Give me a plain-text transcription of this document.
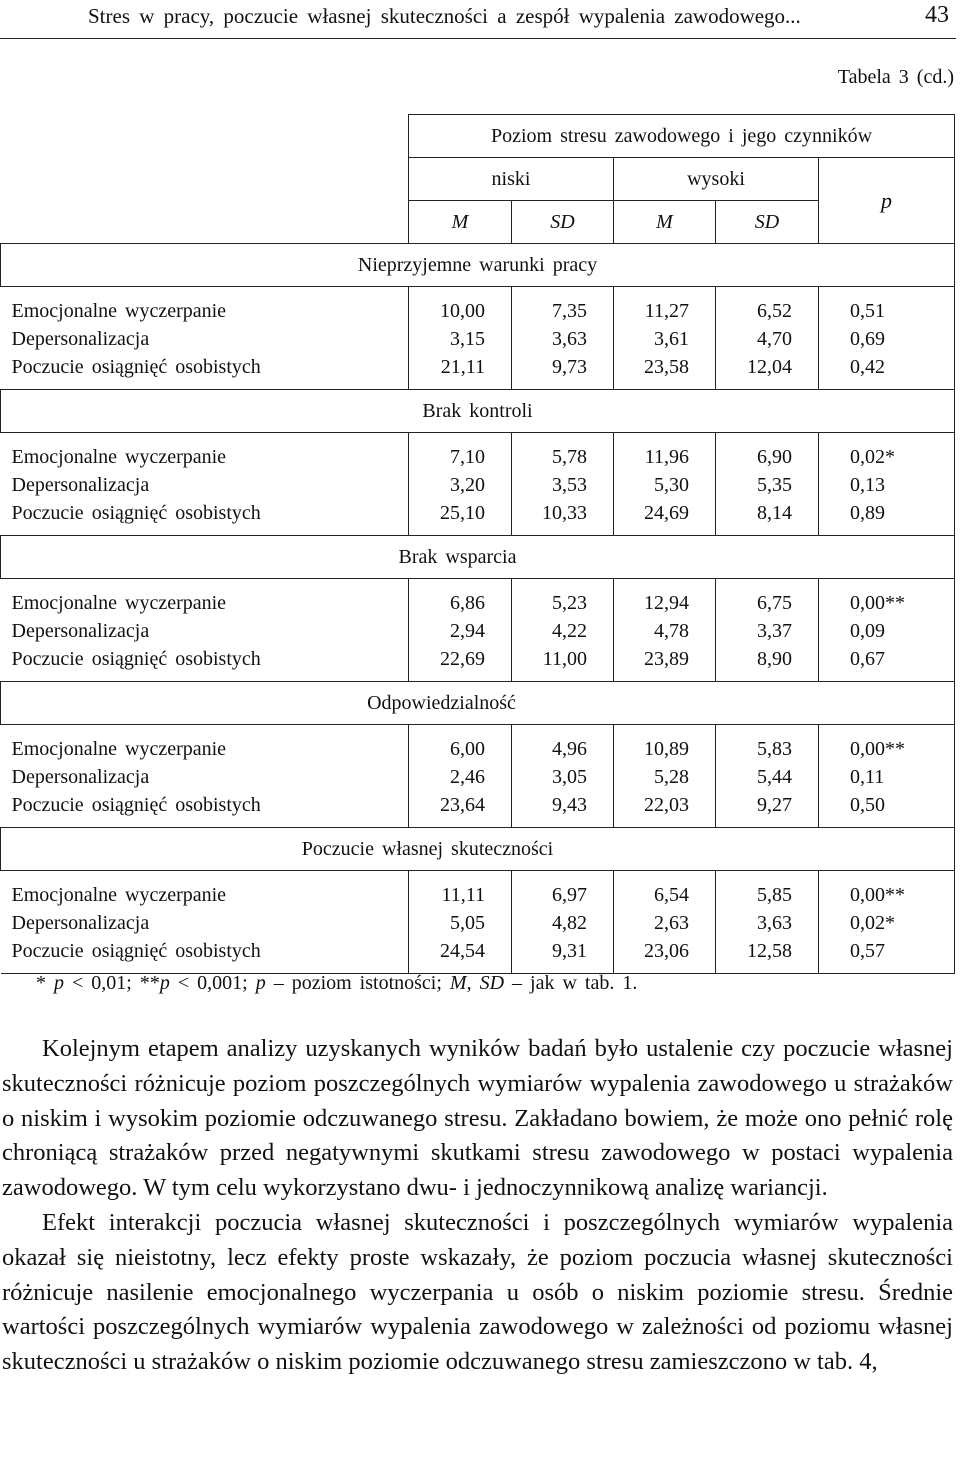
Stres w pracy, poczucie własnej skuteczności a zespół wypalenia zawodowego...	43
Tabela 3 (cd.)
	Poziom stresu zawodowego i jego czynników				
	niski		wysoki		p
	M	SD	M	SD	
Nieprzyjemne warunki pracy					
Emocjonalne wyczerpanie	10,00	7,35	11,27	6,52	0,51
Depersonalizacja	3,15	3,63	3,61	4,70	0,69
Poczucie osiągnięć osobistych	21,11	9,73	23,58	12,04	0,42
Brak kontroli					
Emocjonalne wyczerpanie	7,10	5,78	11,96	6,90	0,02*
Depersonalizacja	3,20	3,53	5,30	5,35	0,13
Poczucie osiągnięć osobistych	25,10	10,33	24,69	8,14	0,89
Brak wsparcia					
Emocjonalne wyczerpanie	6,86	5,23	12,94	6,75	0,00**
Depersonalizacja	2,94	4,22	4,78	3,37	0,09
Poczucie osiągnięć osobistych	22,69	11,00	23,89	8,90	0,67
Odpowiedzialność					
Emocjonalne wyczerpanie	6,00	4,96	10,89	5,83	0,00**
Depersonalizacja	2,46	3,05	5,28	5,44	0,11
Poczucie osiągnięć osobistych	23,64	9,43	22,03	9,27	0,50
Poczucie własnej skuteczności					
Emocjonalne wyczerpanie	11,11	6,97	6,54	5,85	0,00**
Depersonalizacja	5,05	4,82	2,63	3,63	0,02*
Poczucie osiągnięć osobistych	24,54	9,31	23,06	12,58	0,57
* p < 0,01; **p < 0,001; p – poziom istotności; M, SD – jak w tab. 1.

Kolejnym etapem analizy uzyskanych wyników badań było ustalenie czy poczucie własnej skuteczności różnicuje poziom poszczególnych wymiarów wypalenia zawodowego u strażaków o niskim i wysokim poziomie odczuwanego stresu. Zakładano bowiem, że może ono pełnić rolę chroniącą strażaków przed negatywnymi skutkami stresu zawodowego w postaci wypalenia zawodowego. W tym celu wykorzystano dwu- i jednoczynnikową analizę wariancji.

Efekt interakcji poczucia własnej skuteczności i poszczególnych wymiarów wypalenia okazał się nieistotny, lecz efekty proste wskazały, że poziom poczucia własnej skuteczności różnicuje nasilenie emocjonalnego wyczerpania u osób o niskim poziomie stresu. Średnie wartości poszczególnych wymiarów wypalenia zawodowego w zależności od poziomu własnej skuteczności u strażaków o niskim poziomie odczuwanego stresu zamieszczono w tab. 4,
